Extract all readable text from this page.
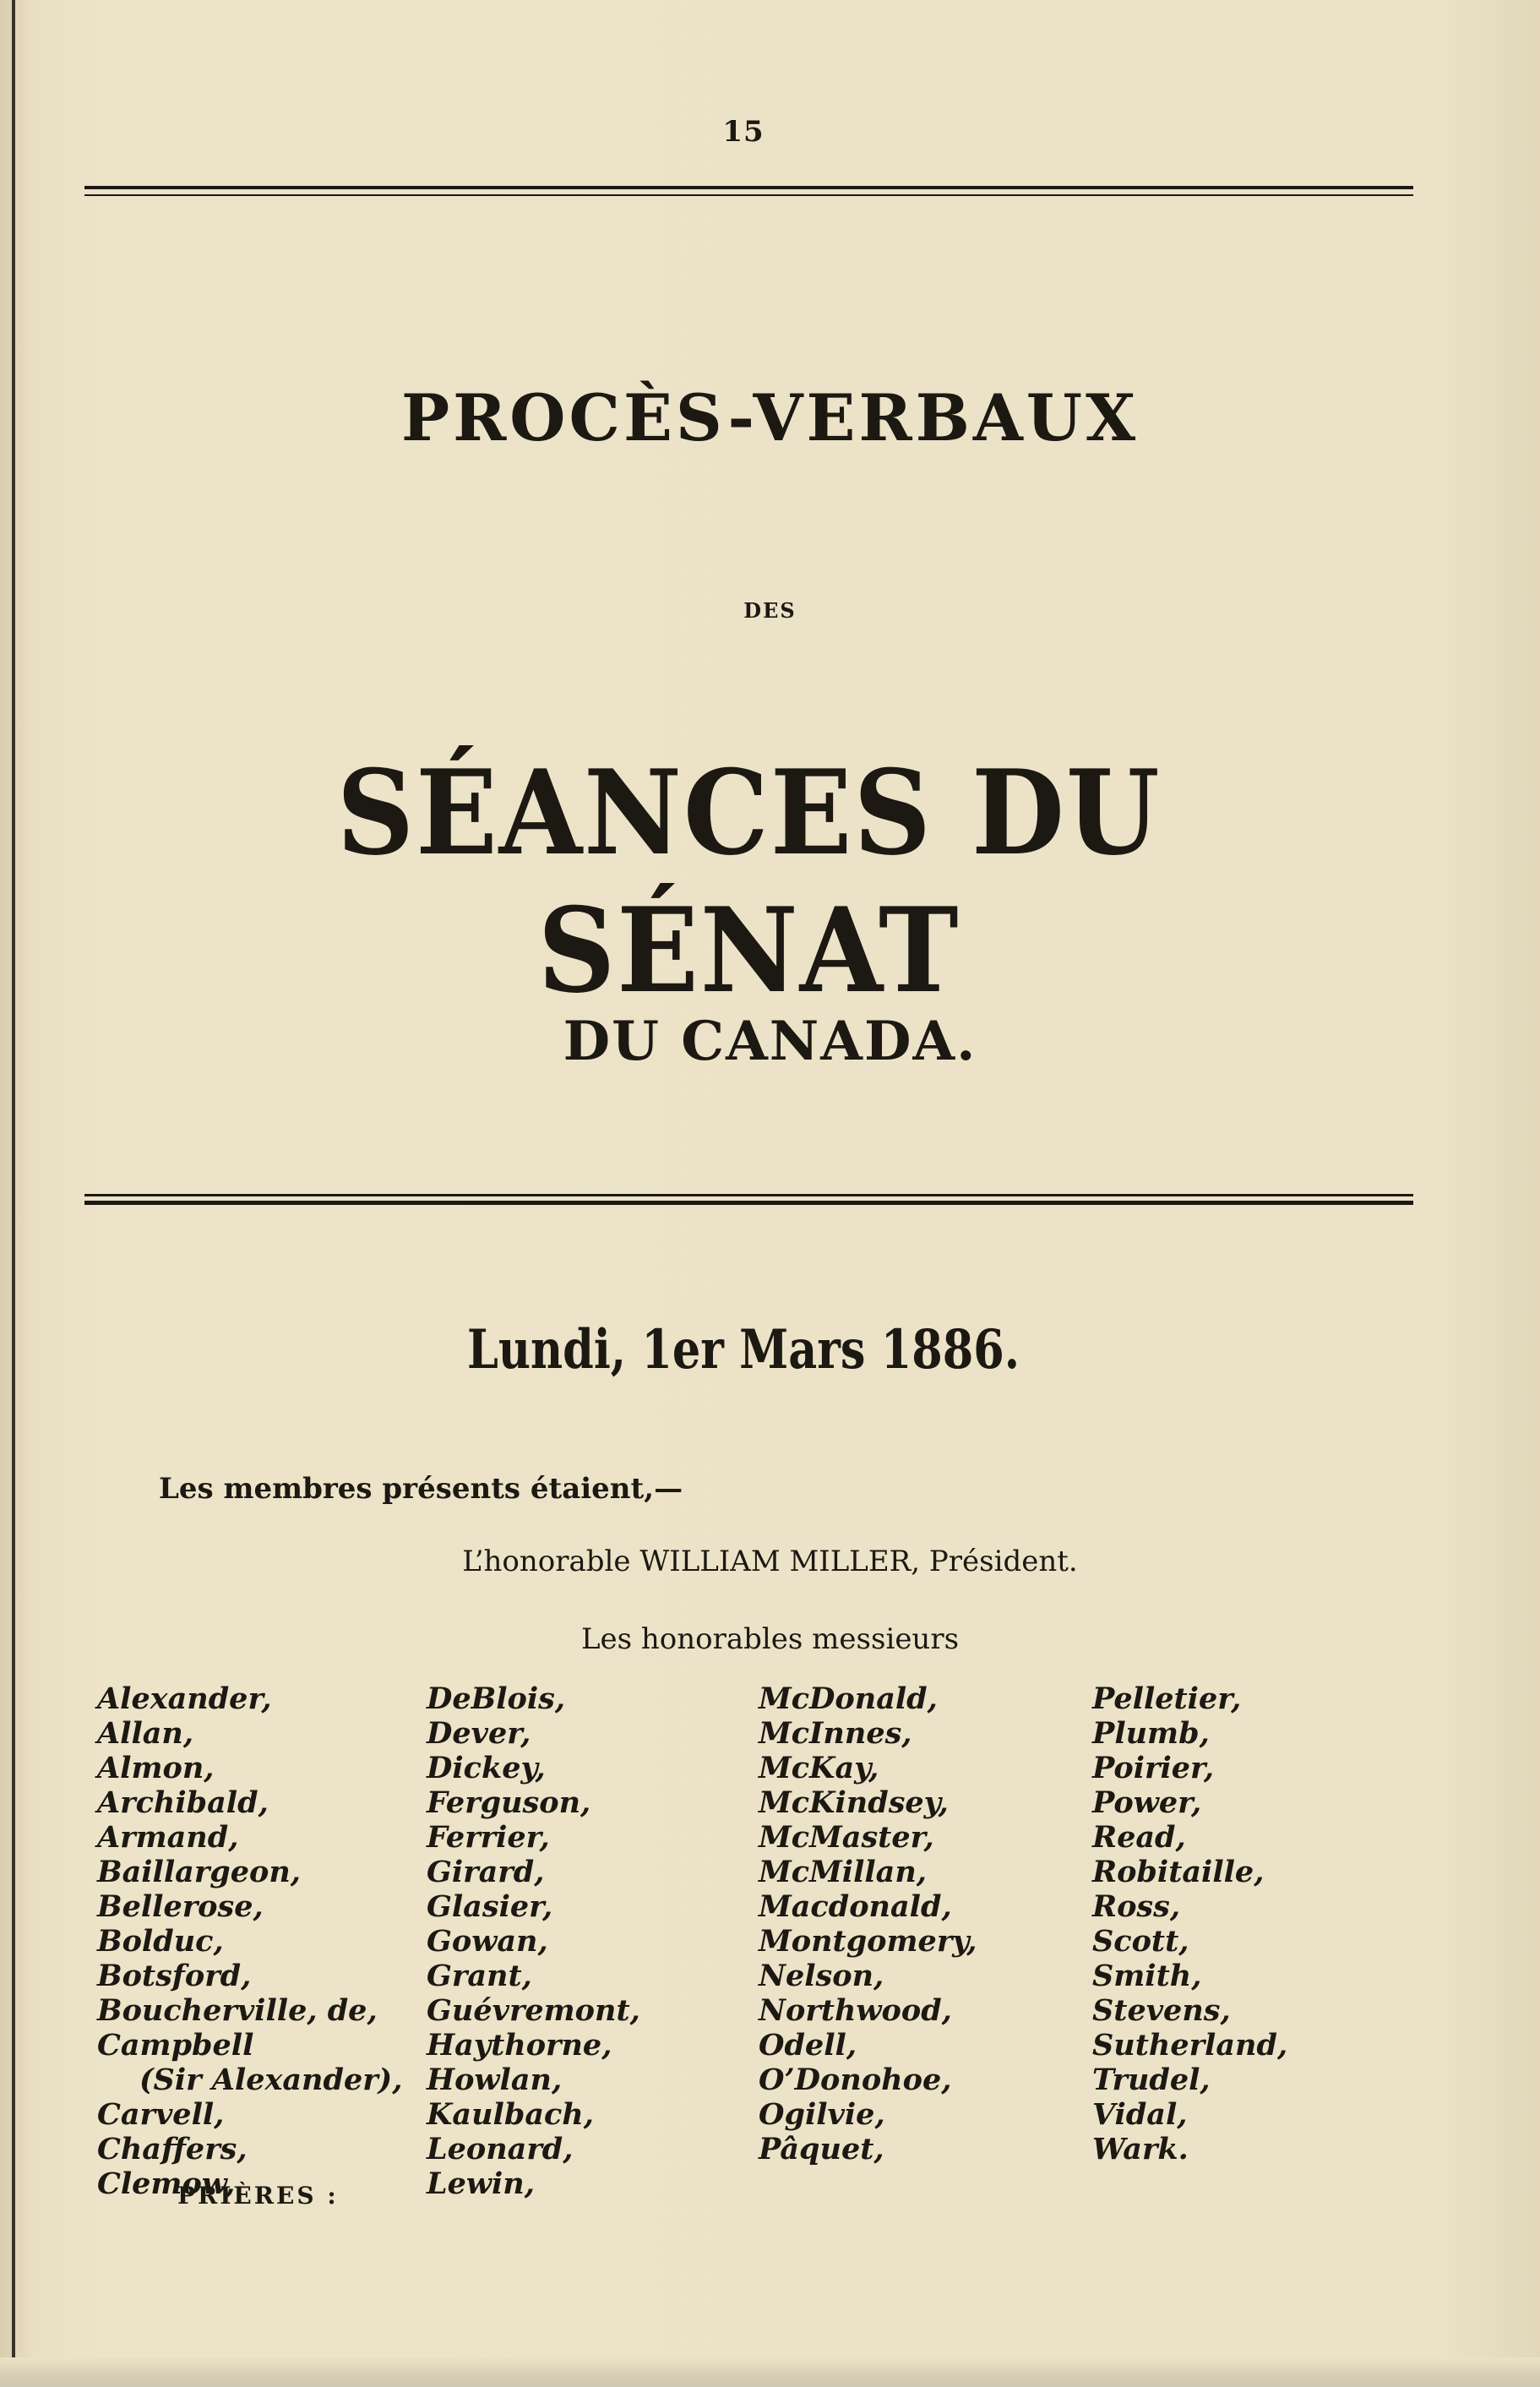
15
PROCÈS-VERBAUX
DES
SÉANCES DU SÉNAT
DU CANADA.
Lundi, 1er Mars 1886.
Les membres présents étaient,—
L’honorable WILLIAM MILLER, Président.
Les honorables messieurs
Alexander,
Allan,
Almon,
Archibald,
Armand,
Baillargeon,
Bellerose,
Bolduc,
Botsford,
Boucherville, de,
Campbell
(Sir Alexander),
Carvell,
Chaffers,
Clemow,
DeBlois,
Dever,
Dickey,
Ferguson,
Ferrier,
Girard,
Glasier,
Gowan,
Grant,
Guévremont,
Haythorne,
Howlan,
Kaulbach,
Leonard,
Lewin,
McDonald,
McInnes,
McKay,
McKindsey,
McMaster,
McMillan,
Macdonald,
Montgomery,
Nelson,
Northwood,
Odell,
O’Donohoe,
Ogilvie,
Pâquet,
Pelletier,
Plumb,
Poirier,
Power,
Read,
Robitaille,
Ross,
Scott,
Smith,
Stevens,
Sutherland,
Trudel,
Vidal,
Wark.
PRIÈRES :
